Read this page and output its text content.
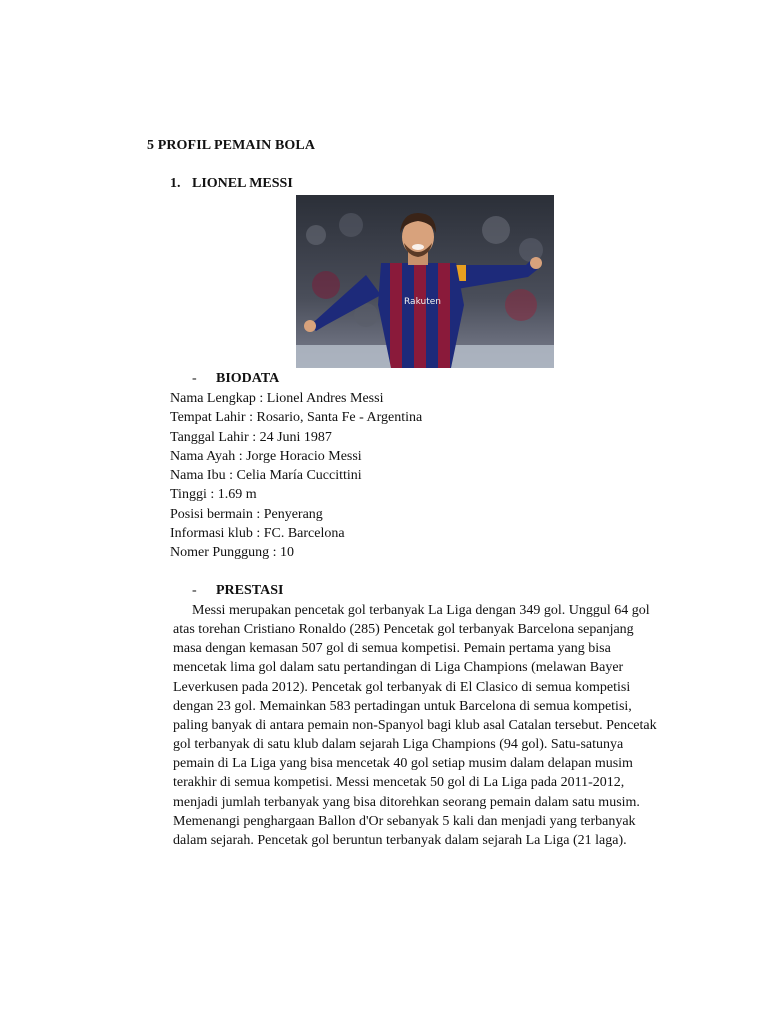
5 PROFIL PEMAIN BOLA
1. LIONEL MESSI
Rakuten
- BIODATA
Nama Lengkap : Lionel Andres Messi
Tempat Lahir : Rosario, Santa Fe - Argentina
Tanggal Lahir : 24 Juni 1987
Nama Ayah : Jorge Horacio Messi
Nama Ibu : Celia María Cuccittini
Tinggi : 1.69 m
Posisi bermain : Penyerang
Informasi klub : FC. Barcelona
Nomer Punggung : 10
- PRESTASI

Messi merupakan pencetak gol terbanyak La Liga dengan 349 gol. Unggul 64 gol atas torehan Cristiano Ronaldo (285) Pencetak gol terbanyak Barcelona sepanjang masa dengan kemasan 507 gol di semua kompetisi. Pemain pertama yang bisa mencetak lima gol dalam satu pertandingan di Liga Champions (melawan Bayer Leverkusen pada 2012). Pencetak gol terbanyak di El Clasico di semua kompetisi dengan 23 gol. Memainkan 583 pertadingan untuk Barcelona di semua kompetisi, paling banyak di antara pemain non-Spanyol bagi klub asal Catalan tersebut. Pencetak gol terbanyak di satu klub dalam sejarah Liga Champions (94 gol). Satu-satunya pemain di La Liga yang bisa mencetak 40 gol setiap musim dalam delapan musim terakhir di semua kompetisi. Messi mencetak 50 gol di La Liga pada 2011-2012, menjadi jumlah terbanyak yang bisa ditorehkan seorang pemain dalam satu musim. Memenangi penghargaan Ballon d'Or sebanyak 5 kali dan menjadi yang terbanyak dalam sejarah. Pencetak gol beruntun terbanyak dalam sejarah La Liga (21 laga).
